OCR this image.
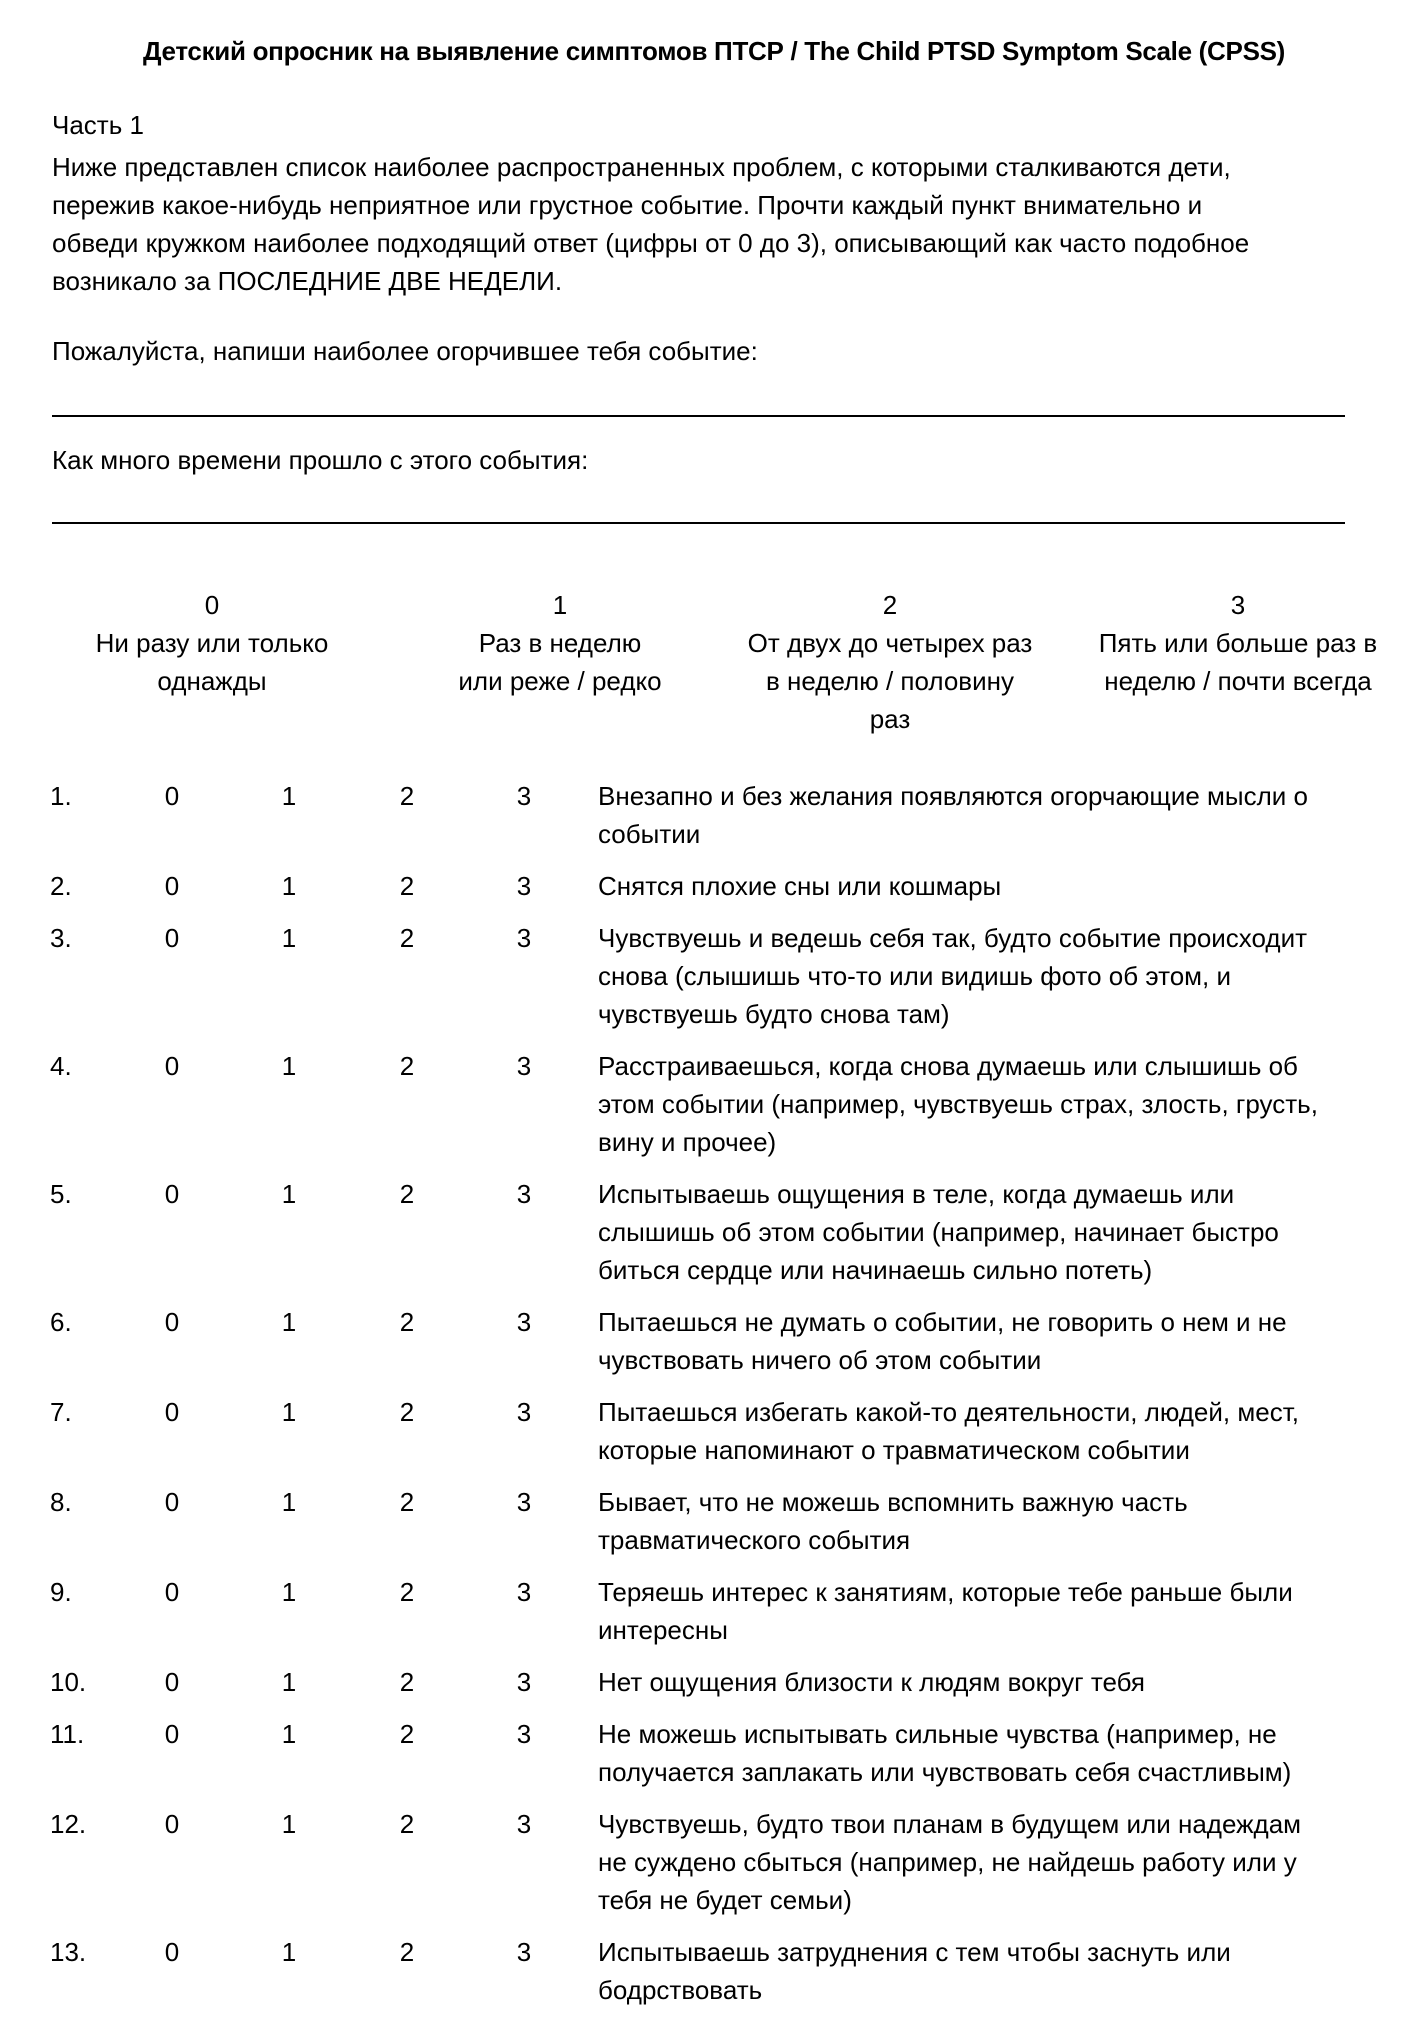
Детский опросник на выявление симптомов ПТСР / The Child PTSD Symptom Scale (CPSS)
Часть 1
Ниже представлен список наиболее распространенных проблем, с которыми сталкиваются дети,
пережив какое-нибудь неприятное или грустное событие. Прочти каждый пункт внимательно и
обведи кружком наиболее подходящий ответ (цифры от 0 до 3), описывающий как часто подобное
возникало за ПОСЛЕДНИЕ ДВЕ НЕДЕЛИ.
Пожалуйста, напиши наиболее огорчившее тебя событие:
Как много времени прошло с этого события:
0
Ни разу или только
однажды
1
Раз в неделю
или реже / редко
2
От двух до четырех раз
в неделю / половину
раз
3
Пять или больше раз в
неделю / почти всегда
1.	0	1	2	3	Внезапно и без желания появляются огорчающие мысли о
событии
2.	0	1	2	3	Снятся плохие сны или кошмары
3.	0	1	2	3	Чувствуешь и ведешь себя так, будто событие происходит
снова (слышишь что-то или видишь фото об этом, и
чувствуешь будто снова там)
4.	0	1	2	3	Расстраиваешься, когда снова думаешь или слышишь об
этом событии (например, чувствуешь страх, злость, грусть,
вину и прочее)
5.	0	1	2	3	Испытываешь ощущения в теле, когда думаешь или
слышишь об этом событии (например, начинает быстро
биться сердце или начинаешь сильно потеть)
6.	0	1	2	3	Пытаешься не думать о событии, не говорить о нем и не
чувствовать ничего об этом событии
7.	0	1	2	3	Пытаешься избегать какой-то деятельности, людей, мест,
которые напоминают о травматическом событии
8.	0	1	2	3	Бывает, что не можешь вспомнить важную часть
травматического события
9.	0	1	2	3	Теряешь интерес к занятиям, которые тебе раньше были
интересны
10.	0	1	2	3	Нет ощущения близости к людям вокруг тебя
11.	0	1	2	3	Не можешь испытывать сильные чувства (например, не
получается заплакать или чувствовать себя счастливым)
12.	0	1	2	3	Чувствуешь, будто твои планам в будущем или надеждам
не суждено сбыться (например, не найдешь работу или у
тебя не будет семьи)
13.	0	1	2	3	Испытываешь затруднения с тем чтобы заснуть или
бодрствовать
